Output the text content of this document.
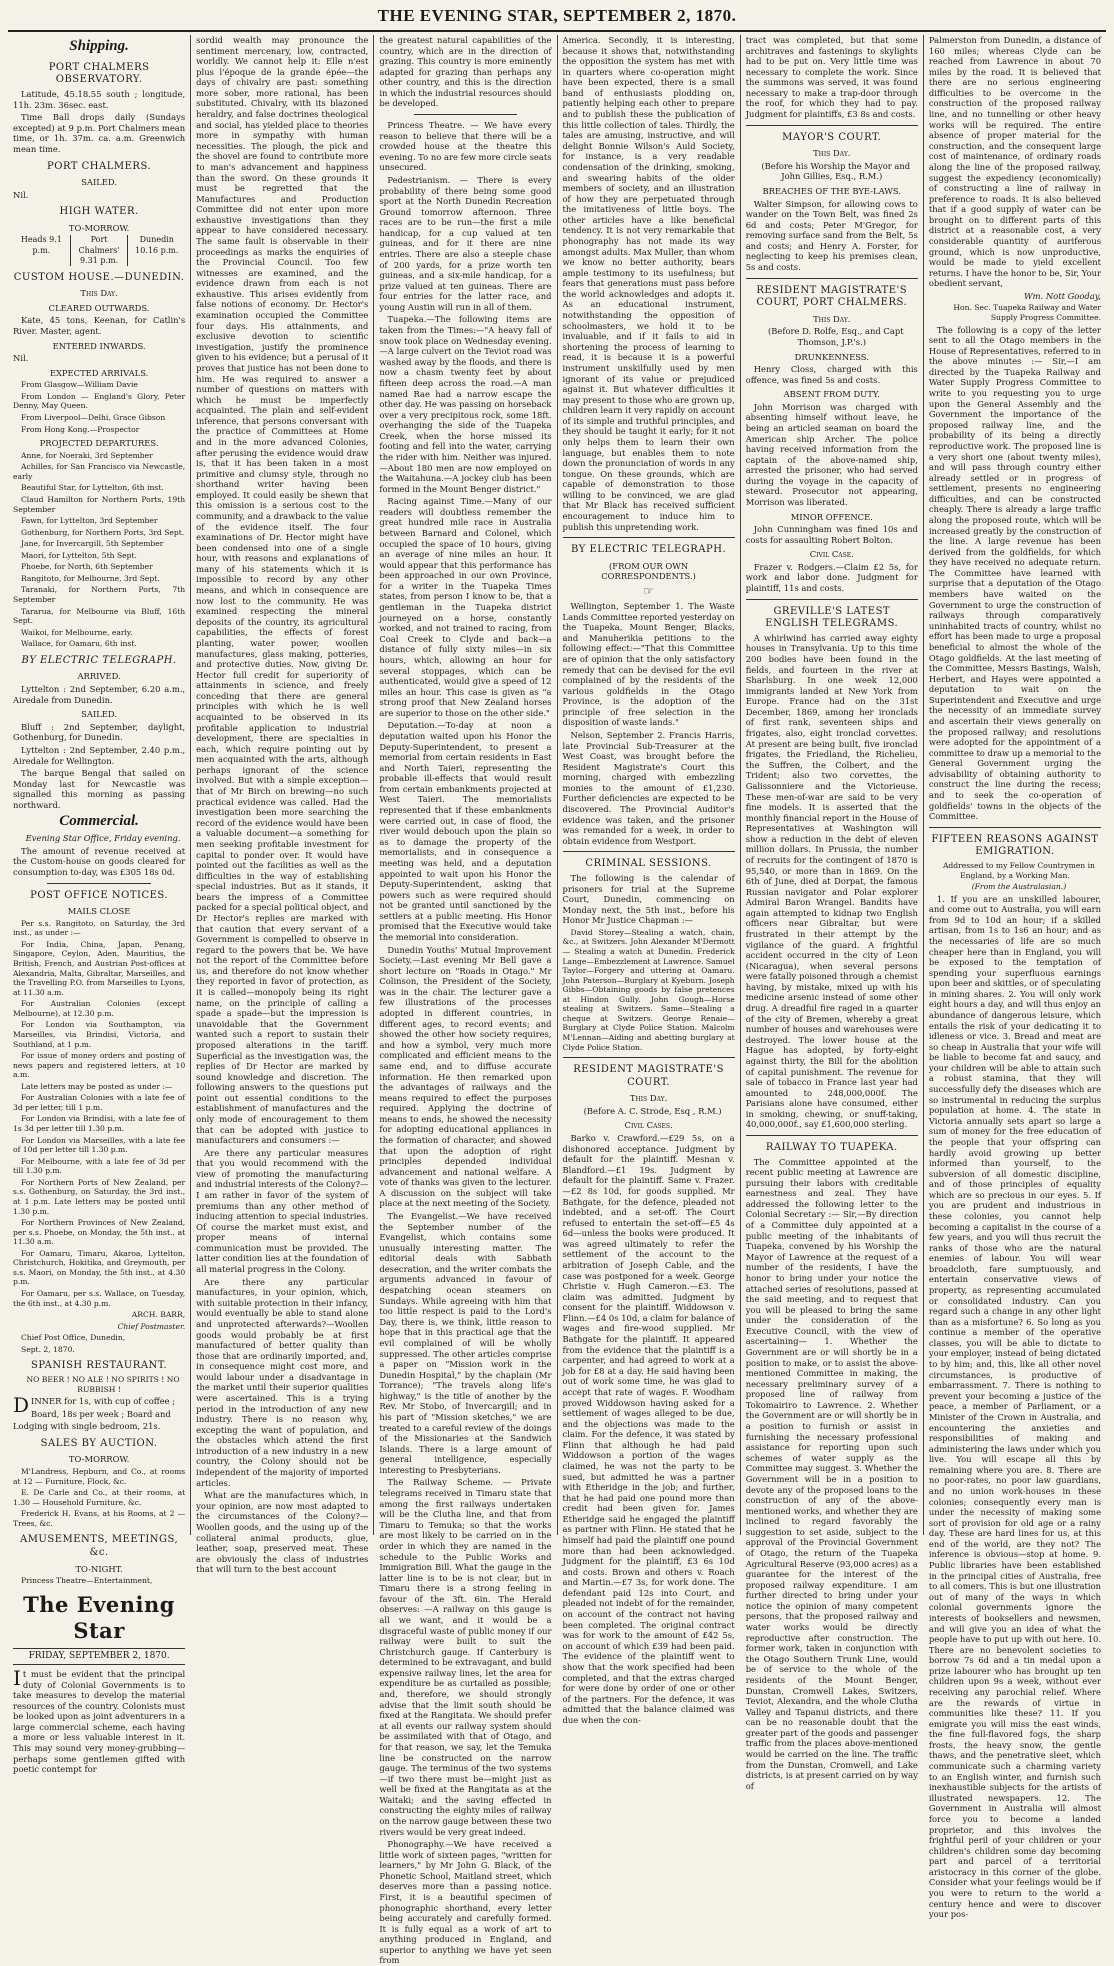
THE EVENING STAR, SEPTEMBER 2, 1870.
Shipping.
PORT CHALMERS OBSERVATORY.

Latitude, 45.18.55 south ; longitude, 11h. 23m. 36sec. east.

Time Ball drops daily (Sundays excepted) at 9 p.m. Port Chalmers mean time, or 1h. 37m. ca. a.m. Greenwich mean time.

PORT CHALMERS.
SAILED.

Nil.

HIGH WATER.
TO-MORROW.
Heads 9.1 p.m.
Port Chalmers' 9.31 p.m.
Dunedin 10.16 p.m.
CUSTOM HOUSE.—DUNEDIN.
This Day.
CLEARED OUTWARDS.

Kate, 45 tons, Keenan, for Catlin's River. Master, agent.

ENTERED INWARDS.

Nil.

EXPECTED ARRIVALS.

From Glasgow—William Davie

From London — England's Glory, Peter Denny, May Queen.

From Liverpool—Delhi, Grace Gibson

From Hong Kong.—Prospector

PROJECTED DEPARTURES.

Anne, for Noeraki, 3rd September

Achilles, for San Francisco via Newcastle, early

Beautiful Star, for Lyttelton, 6th inst.

Claud Hamilton for Northern Ports, 19th September

Fawn, for Lyttelton, 3rd September

Gothenburg, for Northern Ports, 3rd Sept.

Jane, for Invercargill, 5th September

Maori, for Lyttelton, 5th Sept.

Phoebe, for North, 6th September

Rangitoto, for Melbourne, 3rd Sept.

Taranaki, for Northern Ports, 7th September

Tararua, for Melbourne via Bluff, 16th Sept.

Waikoi, for Melbourne, early.

Wallace, for Oamaru, 6th inst.

BY ELECTRIC TELEGRAPH.
ARRIVED.

Lyttelton : 2nd September, 6.20 a.m., Airedale from Dunedin.

SAILED.

Bluff : 2nd September, daylight, Gothenburg, for Dunedin.

Lyttelton : 2nd September, 2.40 p.m., Airedale for Wellington.

The barque Bengal that sailed on Monday last for Newcastle was signalled this morning as passing northward.

Commercial.

Evening Star Office, Friday evening.

The amount of revenue received at the Custom-house on goods cleared for consumption to-day, was £305 18s 0d.

POST OFFICE NOTICES.
MAILS CLOSE

Per s.s. Rangitoto, on Saturday, the 3rd inst., as under :—

For India, China, Japan, Penang, Singapore, Ceylon, Aden, Mauritius, the British, French, and Austrian Post-offices at Alexandria, Malta, Gibraltar, Marseilles, and the Travelling P.O. from Marseilles to Lyons, at 11.30 a.m.

For Australian Colonies (except Melbourne), at 12.30 p.m.

For London via Southampton, via Marseilles, via Brindisi, Victoria, and Southland, at 1 p.m.

For issue of money orders and posting of news papers and registered letters, at 10 a.m.

Late letters may be posted as under :—

For Australian Colonies with a late fee of 3d per letter, till 1 p.m.

For London via Brindisi, with a late fee of 1s 3d per letter till 1.30 p.m.

For London via Marseilles, with a late fee of 10d per letter till 1.30 p.m.

For Melbourne, with a late fee of 3d per till 1.30 p.m.

For Northern Ports of New Zealand, per s.s. Gothenburg, on Saturday, the 3rd inst., at 1 p.m. Late letters may be posted until 1.30 p.m.

For Northern Provinces of New Zealand, per s.s. Phoebe, on Monday, the 5th inst., at 11.30 a.m.

For Oamaru, Timaru, Akaroa, Lyttelton, Christchurch, Hokitika, and Greymouth, per s.s. Maori, on Monday, the 5th inst., at 4.30 p.m.

For Oamaru, per s.s. Wallace, on Tuesday, the 6th inst., at 4.30 p.m.

ARCH. BARR,

Chief Postmaster.

Chief Post Office, Dunedin,

Sept. 2, 1870.

SPANISH RESTAURANT.

NO BEER ! NO ALE ! NO SPIRITS ! NO RUBBISH !

DINNER for 1s, with cup of coffee ;

Board, 18s per week ; Board and

Lodging with single bedroom, 21s.

SALES BY AUCTION.
TO-MORROW.

M'Landress, Hepburn, and Co., at rooms at 12 — Furniture, Flock, &c.

E. De Carle and Co., at their rooms, at 1.30 — Household Furniture, &c.

Frederick H. Evans, at his Rooms, at 2 — Trees, &c.

AMUSEMENTS, MEETINGS, &c.
TO-NIGHT.

Princess Theatre—Entertainment,

The Evening Star
FRIDAY, SEPTEMBER 2, 1870.

It must be evident that the principal duty of Colonial Governments is to take measures to develop the material resources of the country. Colonists must be looked upon as joint adventurers in a large commercial scheme, each having a more or less valuable interest in it. This may sound very money-grubbing—perhaps some gentlemen gifted with poetic contempt for

sordid wealth may pronounce the sentiment mercenary, low, contracted, worldly. We cannot help it: Elle n'est plus l'époque de la grande épée—the days of chivalry are past: something more sober, more rational, has been substituted. Chivalry, with its blazoned heraldry, and false doctrines theological and social, has yielded place to theories more in sympathy with human necessities. The plough, the pick and the shovel are found to contribute more to man's advancement and happiness than the sword. On these grounds it must be regretted that the Manufactures and Production Committee did not enter upon more exhaustive investigations than they appear to have considered necessary. The same fault is observable in their proceedings as marks the enquiries of the Provincial Council. Too few witnesses are examined, and the evidence drawn from each is not exhaustive. This arises evidently from false notions of economy. Dr. Hector's examination occupied the Committee four days. His attainments, and exclusive devotion to scientific investigation, justify the prominence given to his evidence; but a perusal of it proves that justice has not been done to him. He was required to answer a number of questions on matters with which he must be imperfectly acquainted. The plain and self-evident inference, that persons conversant with the practice of Committees at Home and in the more advanced Colonies, after perusing the evidence would draw is, that it has been taken in a most primitive and clumsy style, through no shorthand writer having been employed. It could easily be shewn that this omission is a serious cost to the community, and a drawback to the value of the evidence itself. The four examinations of Dr. Hector might have been condensed into one of a single hour, with reasons and explanations of many of his statements which it is impossible to record by any other means, and which in consequence are now lost to the community. He was examined respecting the mineral deposits of the country, its agricultural capabilities, the effects of forest planting, water power, woollen manufactures, glass making, potteries, and protective duties. Now, giving Dr. Hector full credit for superiority of attainments in science, and freely conceding that there are general principles with which he is well acquainted to be observed in its profitable application to industrial development, there are specialties in each, which require pointing out by men acquainted with the arts, although perhaps ignorant of the science involved. But with a simple exception—that of Mr Birch on brewing—no such practical evidence was called. Had the investigation been more searching the record of the evidence would have been a valuable document—a something for men seeking profitable investment for capital to ponder over. It would have pointed out the facilities as well as the difficulties in the way of establishing special industries. But as it stands, it bears the impress of a Committee packed for a special political object, and Dr Hector's replies are marked with that caution that every servant of a Government is compelled to observe in regard to the powers that be. We have not the report of the Committee before us, and therefore do not know whether they reported in favor of protection, as it is called—monopoly being its right name, on the principle of calling a spade a spade—but the impression is unavoidable that the Government wanted such a report to sustain their proposed alterations in the tariff. Superficial as the investigation was, the replies of Dr Hector are marked by sound knowledge and discretion. The following answers to the questions put point out essential conditions to the establishment of manufactures and the only mode of encouragement to them that can be adopted with justice to manufacturers and consumers :—

Are there any particular measures that you would recommend with the view of promoting the manufacturing and industrial interests of the Colony?—I am rather in favor of the system of premiums than any other method of inducing attention to special industries. Of course the market must exist, and proper means of internal communication must be provided. The latter condition lies at the foundation of all material progress in the Colony.

Are there any particular manufactures, in your opinion, which, with suitable protection in their infancy, would eventually be able to stand alone and unprotected afterwards?—Woollen goods would probably be at first manufactured of better quality than those that are ordinarily imported, and, in consequence might cost more, and would labour under a disadvantage in the market until their superior qualities were ascertained. This is a trying period in the introduction of any new industry. There is no reason why, excepting the want of population, and the obstacles which attend the first introduction of a new industry in a new country, the Colony should not be independent of the majority of imported articles.

What are the manufactures which, in your opinion, are now most adapted to the circumstances of the Colony?—Woollen goods, and the using up of the collateral animal products, glue, leather, soap, preserved meat. These are obviously the class of industries that will turn to the best account

the greatest natural capabilities of the country, which are in the direction of grazing. This country is more eminently adapted for grazing than perhaps any other country, and this is the direction in which the industrial resources should be developed.

Princess Theatre. — We have every reason to believe that there will be a crowded house at the theatre this evening. To no are few more circle seats unsecured.

Pedestrianism. — There is every probability of there being some good sport at the North Dunedin Recreation Ground tomorrow afternoon. Three races are to be run—the first a mile handicap, for a cup valued at ten guineas, and for it there are nine entries. There are also a steeple chase of 200 yards, for a prize worth ten guineas, and a six-mile handicap, for a prize valued at ten guineas. There are four entries for the latter race, and young Austin will run in all of them.

Tuapeka.—The following items are taken from the Times:—"A heavy fall of snow took place on Wednesday evening.—A large culvert on the Teviot road was washed away by the floods, and there is now a chasm twenty feet by about fifteen deep across the road.—A man named Rae had a narrow escape the other day. He was passing on horseback over a very precipitous rock, some 18ft. overhanging the side of the Tuapeka Creek, when the horse missed its footing and fell into the water, carrying the rider with him. Neither was injured.—About 180 men are now employed on the Waitahuna.—A jockey club has been formed in the Mount Benger district."

Racing against Time.—Many of our readers will doubtless remember the great hundred mile race in Australia between Barnard and Colonel, which occupied the space of 10 hours, giving an average of nine miles an hour. It would appear that this performance has been approached in our own Province, for a writer in the Tuapeka Times states, from person I know to be, that a gentleman in the Tuapeka district journeyed on a horse, constantly worked, and not trained to racing, from Coal Creek to Clyde and back—a distance of fully sixty miles—in six hours, which, allowing an hour for several stoppages, which can be authenticated, would give a speed of 12 miles an hour. This case is given as "a strong proof that New Zealand horses are superior to those on the other side."

Deputation.—To-day at noon a deputation waited upon his Honor the Deputy-Superintendent, to present a memorial from certain residents in East and North Taieri, representing the probable ill-effects that would result from certain embankments projected at West Taieri. The memorialists represented that if these embankments were carried out, in case of flood, the river would debouch upon the plain so as to damage the property of the memorialists, and in consequence a meeting was held, and a deputation appointed to wait upon his Honor the Deputy-Superintendent, asking that powers such as were required should not be granted until sanctioned by the settlers at a public meeting. His Honor promised that the Executive would take the memorial into consideration.

Dunedin Youths' Mutual Improvement Society.—Last evening Mr Bell gave a short lecture on "Roads in Otago." Mr Colinson, the President of the Society, was in the chair. The lecturer gave a few illustrations of the processes adopted in different countries, in different ages, to record events; and showed the other how society requires, and how a symbol, very much more complicated and efficient means to the same end, and to diffuse accurate information. He then remarked upon the advantages of railways and the means required to effect the purposes required. Applying the doctrine of means to ends, he showed the necessity for adopting educational appliances in the formation of character, and showed that upon the adoption of right principles depended individual advancement and national welfare. A vote of thanks was given to the lecturer. A discussion on the subject will take place at the next meeting of the Society.

The Evangelist.—We have received the September number of the Evangelist, which contains some unusually interesting matter. The editorial deals with Sabbath desecration, and the writer combats the arguments advanced in favour of despatching ocean steamers on Sundays. While agreeing with him that too little respect is paid to the Lord's Day, there is, we think, little reason to hope that in this practical age that the evil complained of will be wholly suppressed. The other articles comprise a paper on "Mission work in the Dunedin Hospital," by the chaplain (Mr Torrance); "The travels along life's highway," is the title of another by the Rev. Mr Stobo, of Invercargill; and in his part of "Mission sketches," we are treated to a careful review of the doings of the Missionaries at the Sandwich Islands. There is a large amount of general intelligence, especially interesting to Presbyterians.

The Railway Scheme. — Private telegrams received in Timaru state that among the first railways undertaken will be the Clutha line, and that from Timaru to Temuka; so that the works are most likely to be carried on in the order in which they are named in the schedule to the Public Works and Immigration Bill. What the gauge in the latter line is to be is not clear, but in Timaru there is a strong feeling in favour of the 3ft. 6in. The Herald observes: —A railway on this gauge is all we want, and it would be a disgraceful waste of public money if our railway were built to suit the Christchurch gauge. If Canterbury is determined to be extravagant, and build expensive railway lines, let the area for expenditure be as curtailed as possible; and, therefore, we should strongly advise that the limit south should be fixed at the Rangitata. We should prefer at all events our railway system should be assimilated with that of Otago, and for that reason, we say, let the Temuka line be constructed on the narrow gauge. The terminus of the two systems—if two there must be—might just as well be fixed at the Rangitata as at the Waitaki; and the saving effected in constructing the eighty miles of railway on the narrow gauge between these two rivers would be very great indeed.

Phonography.—We have received a little work of sixteen pages, "written for learners," by Mr John G. Black, of the Phonetic School, Maitland street, which deserves more than a passing notice. First, it is a beautiful specimen of phonographic shorthand, every letter being accurately and carefully formed. It is fully equal as a work of art to anything produced in England, and superior to anything we have yet seen from

America. Secondly, it is interesting, because it shows that, notwithstanding the opposition the system has met with in quarters where co-operation might have been expected, there is a small band of enthusiasts plodding on, patiently helping each other to prepare and to publish these the publication of this little collection of tales. Thirdly, the tales are amusing, instructive, and will delight Bonnie Wilson's Auld Society, for instance, is a very readable condensation of the drinking, smoking, and swearing habits of the older members of society, and an illustration of how they are perpetuated through the imitativeness of little boys. The other articles have a like beneficial tendency. It is not very remarkable that phonography has not made its way amongst adults. Max Muller, than whom we know no better authority, bears ample testimony to its usefulness; but fears that generations must pass before the world acknowledges and adopts it. As an educational instrument, notwithstanding the opposition of schoolmasters, we hold it to be invaluable, and if it fails to aid in shortening the process of learning to read, it is because it is a powerful instrument unskilfully used by men ignorant of its value or prejudiced against it. But whatever difficulties it may present to those who are grown up, children learn it very rapidly on account of its simple and truthful principles, and they should be taught it early; for it not only helps them to learn their own language, but enables them to note down the pronunciation of words in any tongue. On these grounds, which are capable of demonstration to those willing to be convinced, we are glad that Mr Black has received sufficient encouragement to induce him to publish this unpretending work.

BY ELECTRIC TELEGRAPH.
(FROM OUR OWN CORRESPONDENTS.)
☞

Wellington, September 1. The Waste Lands Committee reported yesterday on the Tuapeka, Mount Benger, Blacks, and Manuherikia petitions to the following effect:—"That this Committee are of opinion that the only satisfactory remedy that can be devised for the evil complained of by the residents of the various goldfields in the Otago Province, is the adoption of the principle of free selection in the disposition of waste lands."

Nelson, September 2. Francis Harris, late Provincial Sub-Treasurer at the West Coast, was brought before the Resident Magistrate's Court this morning, charged with embezzling monies to the amount of £1,230. Further deficiencies are expected to be discovered. The Provincial Auditor's evidence was taken, and the prisoner was remanded for a week, in order to obtain evidence from Westport.

CRIMINAL SESSIONS.

The following is the calendar of prisoners for trial at the Supreme Court, Dunedin, commencing on Monday next, the 5th inst., before his Honor Mr Justice Chapman :—

David Storey—Stealing a watch, chain, &c., at Switzers. John Alexander M'Dermott — Stealing a watch at Dunedin. Frederick Lange—Embezzlement at Lawrence. Samuel Taylor—Forgery and uttering at Oamaru. John Paterson—Burglary at Kyeburn. Joseph Gibbs—Obtaining goods by false pretences at Hindon Gully. John Gough—Horse stealing at Switzers. Same—Stealing a cheque at Switzers. George Renaie—Burglary at Clyde Police Station. Malcolm M'Lennan—Aiding and abetting burglary at Clyde Police Station.

RESIDENT MAGISTRATE'S COURT.
This Day.

(Before A. C. Strode, Esq , R.M.)

Civil Cases.

Barko v. Crawford.—£29 5s, on a dishonored acceptance. Judgment by default for the plaintiff. Mesnan v. Blandford.—£1 19s. Judgment by default for the plaintiff. Same v. Frazer.—£2 8s 10d, for goods supplied. Mr Bathgate, for the defence, pleaded not indebted, and a set-off. The Court refused to entertain the set-off—£5 4s 6d—unless the books were produced. It was agreed ultimately to refer the settlement of the account to the arbitration of Joseph Cable, and the case was postponed for a week. George Christie v. Hugh Cameron.—£3. The claim was admitted. Judgment by consent for the plaintiff. Widdowson v. Flinn.—£4 0s 10d, a claim for balance of wages and fire-wood supplied. Mr Bathgate for the plaintiff. It appeared from the evidence that the plaintiff is a carpenter, and had agreed to work at a job for £8 at a day. He said having been out of work some time, he was glad to accept that rate of wages. F. Woodham proved Widdowson having asked for a settlement of wages alleged to be due, and the objections was made to the claim. For the defence, it was stated by Flinn that although he had paid Widdowson a portion of the wages claimed, he was not the party to be sued, but admitted he was a partner with Etheridge in the job; and further, that he had paid one pound more than credit had been given for. James Etheridge said he engaged the plaintiff as partner with Flinn. He stated that he himself had paid the plaintiff one pound more than had been acknowledged. Judgment for the plaintiff, £3 6s 10d and costs. Brown and others v. Roach and Martin.—£7 3s, for work done. The defendant paid 12s into Court, and pleaded not indebt of for the remainder, on account of the contract not having been completed. The original contract was for work to the amount of £42 5s, on account of which £39 had been paid. The evidence of the plaintiff went to show that the work specified had been completed, and that the extras charged for were done by order of one or other of the partners. For the defence, it was admitted that the balance claimed was due when the con-

tract was completed, but that some architraves and fastenings to skylights had to be put on. Very little time was necessary to complete the work. Since the summons was served, it was found necessary to make a trap-door through the roof, for which they had to pay. Judgment for plaintiffs, £3 8s and costs.

MAYOR'S COURT.
This Day.

(Before his Worship the Mayor and John Gillies, Esq., R.M.)

BREACHES OF THE BYE-LAWS.

Walter Simpson, for allowing cows to wander on the Town Belt, was fined 2s 6d and costs; Peter M'Gregor, for removing surface sand from the Belt, 5s and costs; and Henry A. Forster, for neglecting to keep his premises clean, 5s and costs.

RESIDENT MAGISTRATE'S COURT, PORT CHALMERS.
This Day.

(Before D. Rolfe, Esq., and Capt Thomson, J.P.'s.)

DRUNKENNESS.

Henry Closs, charged with this offence, was fined 5s and costs.

ABSENT FROM DUTY.

John Morrison was charged with absenting himself without leave, he being an articled seaman on board the American ship Archer. The police having received information from the captain of the above-named ship, arrested the prisoner, who had served during the voyage in the capacity of steward. Prosecutor not appearing, Morrison was liberated.

MINOR OFFENCE.

John Cunningham was fined 10s and costs for assaulting Robert Bolton.

Civil Case.

Frazer v. Rodgers.—Claim £2 5s, for work and labor done. Judgment for plaintiff, 11s and costs.

GREVILLE'S LATEST ENGLISH TELEGRAMS.

A whirlwind has carried away eighty houses in Transylvania. Up to this time 200 bodies have been found in the fields, and fourteen in the river at Sharlsburg. In one week 12,000 immigrants landed at New York from Europe. France had on the 31st December, 1869, among her ironclads of first rank, seventeen ships and frigates, also, eight ironclad corvettes. At present are being built, five ironclad frigates, the Friedland, the Richelieu, the Suffren, the Colbert, and the Trident; also two corvettes, the Galissonniere and the Victorieuse. These men-of-war are said to be very fine models. It is asserted that the monthly financial report in the House of Representatives at Washington will show a reduction in the debt of eleven million dollars. In Prussia, the number of recruits for the contingent of 1870 is 95,540, or more than in 1869. On the 6th of June, died at Dorpat, the famous Russian navigator and Polar explorer Admiral Baron Wrangel. Bandits have again attempted to kidnap two English officers near Gibraltar, but were frustrated in their attempt by the vigilance of the guard. A frightful accident occurred in the city of Leon (Nicaragua), when several persons were fatally poisoned through a chemist having, by mistake, mixed up with his medicine arsenic instead of some other drug. A dreadful fire raged in a quarter of the city of Bremen, whereby a great number of houses and warehouses were destroyed. The lower house at the Hague has adopted, by forty-eight against thirty, the Bill for the abolition of capital punishment. The revenue for sale of tobacco in France last year had amounted to 248,000,000f. The Parisians alone have consumed, either in smoking, chewing, or snuff-taking, 40,000,000f., say £1,600,000 sterling.

RAILWAY TO TUAPEKA.

The Committee appointed at the recent public meeting at Lawrence are pursuing their labors with creditable earnestness and zeal. They have addressed the following letter to the Colonial Secretary :— Sir,—By direction of a Committee duly appointed at a public meeting of the inhabitants of Tuapeka, convened by his Worship the Mayor of Lawrence at the request of a number of the residents, I have the honor to bring under your notice the attached series of resolutions, passed at the said meeting, and to request that you will be pleased to bring the same under the consideration of the Executive Council, with the view of ascertaining— 1. Whether the Government are or will shortly be in a position to make, or to assist the above-mentioned Committee in making, the necessary preliminary survey of a proposed line of railway from Tokomairiro to Lawrence. 2. Whether the Government are or will shortly be in a position to furnish or assist in furnishing the necessary professional assistance for reporting upon such schemes of water supply as the Committee may suggest. 3. Whether the Government will be in a position to devote any of the proposed loans to the construction of any of the above-mentioned works, and whether they are inclined to regard favorably the suggestion to set aside, subject to the approval of the Provincial Government of Otago, the return of the Tuapeka Agricultural Reserve (93,000 acres) as a guarantee for the interest of the proposed railway expenditure. I am further directed to bring under your notice the opinion of many competent persons, that the proposed railway and water works would be directly reproductive after construction. The former work, taken in conjunction with the Otago Southern Trunk Line, would be of service to the whole of the residents of the Mount Benger, Dunstan, Cromwell Lakes, Switzers, Teviot, Alexandra, and the whole Clutha Valley and Tapanui districts, and there can be no reasonable doubt that the greater part of the goods and passenger traffic from the places above-mentioned would be carried on the line. The traffic from the Dunstan, Cromwell, and Lake districts, is at present carried on by way of

Palmerston from Dunedin, a distance of 160 miles; whereas Clyde can be reached from Lawrence in about 70 miles by the road. It is believed that there are no serious engineering difficulties to be overcome in the construction of the proposed railway line, and no tunnelling or other heavy works will be required. The entire absence of proper material for the construction, and the consequent large cost of maintenance, of ordinary roads along the line of the proposed railway, suggest the expediency (economically) of constructing a line of railway in preference to roads. It is also believed that if a good supply of water can be brought on to different parts of this district at a reasonable cost, a very considerable quantity of auriferous ground, which is now unproductive, would be made to yield excellent returns. I have the honor to be, Sir, Your obedient servant,

Wm. Nott Gooday,

Hon. Sec. Tuapeka Railway and Water Supply Progress Committee.

The following is a copy of the letter sent to all the Otago members in the House of Representatives, referred to in the above minutes :— Sir,—I am directed by the Tuapeka Railway and Water Supply Progress Committee to write to you requesting you to urge upon the General Assembly and the Government the importance of the proposed railway line, and the probability of its being a directly reproductive work. The proposed line is a very short one (about twenty miles), and will pass through country either already settled or in progress of settlement, presents no engineering difficulties, and can be constructed cheaply. There is already a large traffic along the proposed route, which will be increased greatly by the construction of the line. A large revenue has been derived from the goldfields, for which they have received no adequate return. The Committee have learned with surprise that a deputation of the Otago members have waited on the Government to urge the construction of railways through comparatively uninhabited tracts of country, whilst no effort has been made to urge a proposal beneficial to almost the whole of the Otago goldfields. At the last meeting of the Committee, Messrs Bastings, Walsh, Herbert, and Hayes were appointed a deputation to wait on the Superintendent and Executive and urge the necessity of an immediate survey and ascertain their views generally on the proposed railway; and resolutions were adopted for the appointment of a committee to draw up a memorial to the General Government urging the advisability of obtaining authority to construct the line during the recess; and to seek the co-operation of goldfields' towns in the objects of the Committee.

FIFTEEN REASONS AGAINST EMIGRATION.

Addressed to my Fellow Countrymen in England, by a Working Man.

(From the Australasian.)

1. If you are an unskilled labourer, and come out to Australia, you will earn from 9d to 10d an hour; if a skilled artisan, from 1s to 1s6 an hour; and as the necessaries of life are so much cheaper here than in England, you will be exposed to the temptation of spending your superfluous earnings upon beer and skittles, or of speculating in mining shares. 2. You will only work eight hours a day, and will thus enjoy an abundance of dangerous leisure, which entails the risk of your dedicating it to idleness or vice. 3. Bread and meat are so cheap in Australia that your wife will be liable to become fat and saucy, and your children will be able to attain such a robust stamina, that they will successfully defy the diseases which are so instrumental in reducing the surplus population at home. 4. The state in Victoria annually sets apart so large a sum of money for the free education of the people that your offspring can hardly avoid growing up better informed than yourself, to the subversion of all domestic discipline, and of those principles of equality which are so precious in our eyes. 5. If you are prudent and industrious in these colonies, you cannot help becoming a capitalist in the course of a few years, and you will thus recruit the ranks of those who are the natural enemies of labour. You will wear broadcloth, fare sumptuously, and entertain conservative views of property, as representing accumulated or consolidated industry. Can you regard such a change in any other light than as a misfortune? 6. So long as you continue a member of the operative classes, you will be able to dictate to your employer, instead of being dictated to by him; and, this, like all other novel circumstances, is productive of embarrassment. 7. There is nothing to prevent your becoming a justice of the peace, a member of Parliament, or a Minister of the Crown in Australia, and encountering the anxieties and responsibilities of making and administering the laws under which you live. You will escape all this by remaining where you are. 8. There are no poor-rates, no poor law guardians, and no union work-houses in these colonies; consequently every man is under the necessity of making some sort of provision for old age or a rainy day. These are hard lines for us, at this end of the world, are they not? The inference is obvious—stop at home. 9. Public libraries have been established in the principal cities of Australia, free to all comers. This is but one illustration out of many of the ways in which colonial governments ignore the interests of booksellers and newsmen, and will give you an idea of what the people have to put up with out here. 10. There are no benevolent societies to borrow 7s 6d and a tin medal upon a prize labourer who has brought up ten children upon 9s a week, without ever receiving any parochial relief. Where are the rewards of virtue in communities like these? 11. If you emigrate you will miss the east winds, the fine full-flavored fogs, the sharp frosts, the heavy snow, the gentle thaws, and the penetrative sleet, which communicate such a charming variety to an English winter, and furnish such inexhaustible subjects for the artists of illustrated newspapers. 12. The Government in Australia will almost force you to become a landed proprietor, and this involves the frightful peril of your children or your children's children some day becoming part and parcel of a territorial aristocracy in this corner of the globe. Consider what your feelings would be if you were to return to the world a century hence and were to discover your pos-
